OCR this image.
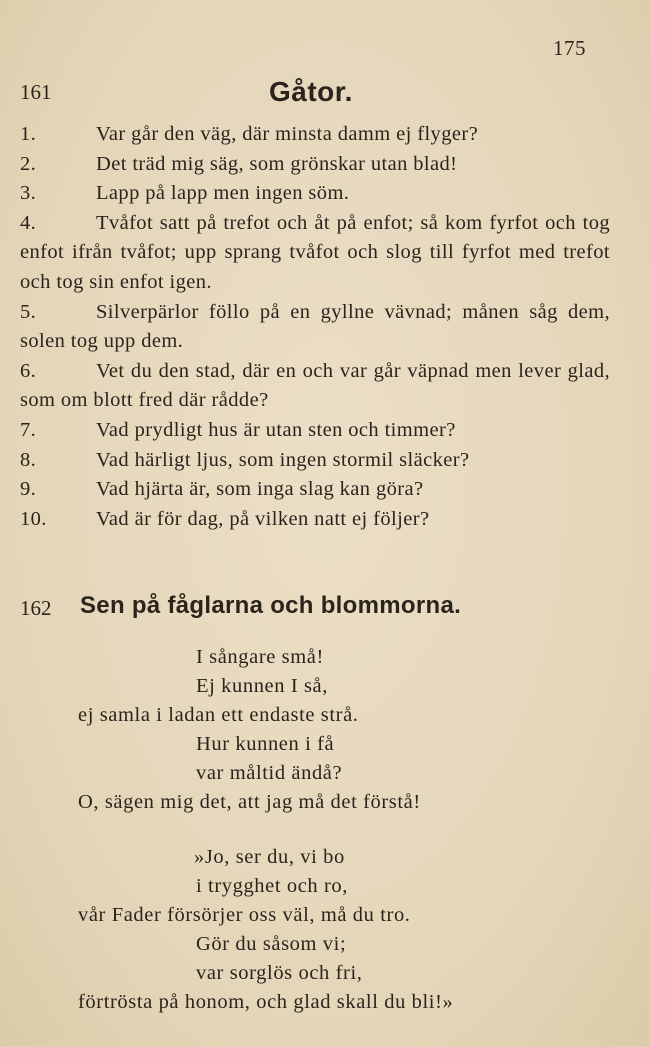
175
161	Gåtor.
1.	Var går den väg, där minsta damm ej flyger?
2.	Det träd mig säg, som grönskar utan blad!
3.	Lapp på lapp men ingen söm.
4.	Tvåfot satt på trefot och åt på enfot; så kom fyrfot och tog enfot ifrån tvåfot; upp sprang tvåfot och slog till fyrfot med trefot och tog sin enfot igen.
5.	Silverpärlor föllo på en gyllne vävnad; månen såg dem, solen tog upp dem.
6.	Vet du den stad, där en och var går väpnad men lever glad, som om blott fred där rådde?
7.	Vad prydligt hus är utan sten och timmer?
8.	Vad härligt ljus, som ingen stormil släcker?
9.	Vad hjärta är, som inga slag kan göra?
10. Vad är för dag, på vilken natt ej följer?
162 Sen på fåglarna och blommorna.
I sångare små!
Ej kunnen I så,
ej samla i ladan ett endaste strå.
Hur kunnen i få
var måltid ändå?
O, sägen mig det, att jag må det förstå!
»Jo, ser du, vi bo
i trygghet och ro,
vår Fader försörjer oss väl, må du tro.
Gör du såsom vi;
var sorglös och fri,
förtrösta på honom, och glad skall du bli!»
